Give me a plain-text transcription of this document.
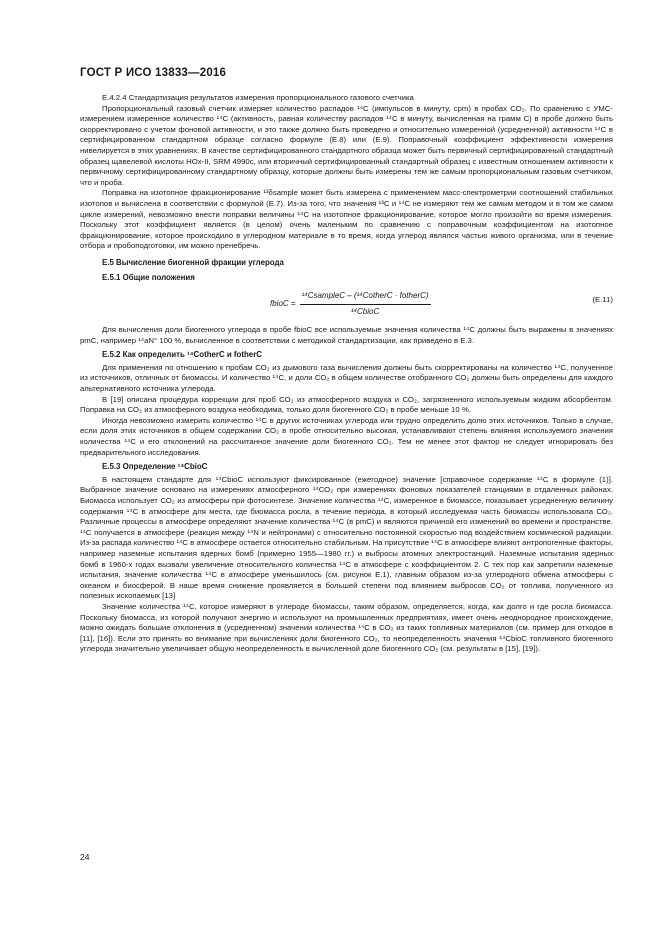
ГОСТ Р ИСО 13833—2016

Е.4.2.4 Стандартизация результатов измерения пропорционального газового счетчика

Пропорциональный газовый счетчик измеряет количество распадов ¹⁴С (импульсов в минуту, cpm) в пробах СО₂. По сравнению с УМС-измерением измеренное количество ¹⁴С (активность, равная количеству распадов ¹⁴С в минуту, вычисленная на грамм С) в пробе должно быть скорректировано с учетом фоновой активности, и это также должно быть проведено и относительно измеренной (усредненной) активности ¹⁴С в сертифицированном стандартном образце согласно формуле (Е.8) или (Е.9). Поправочный коэффициент эффективности измерения нивелируется в этих уравнениях. В качестве сертифицированного стандартного образца может быть первичный сертифицированный стандартный образец щавелевой кислоты HOx-II, SRM 4990c, или вторичный сертифицированный стандартный образец с известным отношением активности к первичному сертифицированному стандартному образцу, которые должны быть измерены тем же самым пропорциональным газовым счетчиком, что и проба.

Поправка на изотопное фракционирование ¹³δsample может быть измерена с применением масс-спектрометрии соотношений стабильных изотопов и вычислена в соответствии с формулой (Е.7). Из-за того, что значения ¹³С и ¹⁴С не измеряют тем же самым методом и в том же самом цикле измерений, невозможно внести поправки величины ¹⁴С на изотопное фракционирование, которое могло произойти во время измерения. Поскольку этот коэффициент является (в целом) очень маленьким по сравнению с поправочным коэффициентом на изотопное фракционирование, которое происходило в углеродном материале в то время, когда углерод являлся частью живого организма, или в течение отбора и пробоподготовки, им можно пренебречь.

Е.5 Вычисление биогенной фракции углерода
Е.5.1 Общие положения
fbioC = $\frac{\text{¹⁴CsampleC – (¹⁴CotherC · fotherC)}}{\text{¹⁴CbioC}}$	(Е.11)

Для вычисления доли биогенного углерода в пробе fbioC все используемые значения количества ¹⁴С должны быть выражены в значениях pmC, например ¹⁴aN° 100 %, вычисленное в соответствии с методикой стандартизации, как приведено в Е.3.

Е.5.2 Как определить ¹⁴CotherC и fotherC

Для применения по отношению к пробам СО₂ из дымового газа вычисления должны быть скорректированы на количество ¹⁴С, полученное из источников, отличных от биомассы. И количество ¹⁴С, и доли СО₂ в общем количестве отобранного СО₂ должны быть определены для каждого альтернативного источника углерода.

В [19] описана процедура коррекции для проб СО₂ из атмосферного воздуха и СО₂, загрязненного используемым жидким абсорбентом. Поправка на СО₂ из атмосферного воздуха необходима, только доля биогенного СО₂ в пробе меньше 10 %.

Иногда невозможно измерить количество ¹⁴С в других источниках углерода или трудно определить долю этих источников. Только в случае, если доля этих источников в общем содержании СО₂ в пробе относительно высокая, устанавливают степень влияния используемого значения количества ¹⁴С и его отклонений на рассчитанное значение доли биогенного СО₂. Тем не менее этот фактор не следует игнорировать без предварительного исследования.

Е.5.3 Определение ¹⁴CbioC

В настоящем стандарте для ¹⁴CbioC используют фиксированное (ежегодное) значение [справочное содержание ¹⁴С в формуле (1)]. Выбранное значение основано на измерениях атмосферного ¹⁴СО₂ при измерениях фоновых показателей станциями в отдаленных районах. Биомасса использует СО₂ из атмосферы при фотосинтезе. Значение количества ¹⁴С, измеренное в биомассе, показывает усредненную величину содержания ¹⁴С в атмосфере для места, где биомасса росла, в течение периода, в который исследуемая часть биомассы использовала СО₂. Различные процессы в атмосфере определяют значение количества ¹⁴С (в pmC) и являются причиной его изменений во времени и пространстве. ¹⁴С получается в атмосфере (реакция между ¹⁴N и нейтронами) с относительно постоянной скоростью под воздействием космической радиации. Из-за распада количество ¹⁴С в атмосфере остается относительно стабильным. На присутствие ¹⁴С в атмосфере влияют антропогенные факторы, например наземные испытания ядерных бомб (примерно 1955—1980 гг.) и выбросы атомных электростанций. Наземные испытания ядерных бомб в 1960-х годах вызвали увеличение относительного количества ¹⁴С в атмосфере с коэффициентом 2. С тех пор как запретили наземные испытания, значение количества ¹⁴С в атмосфере уменьшилось (см. рисунок Е.1), главным образом из-за углеродного обмена атмосферы с океаном и биосферой. В наше время снижение проявляется в большей степени под влиянием выбросов СО₂ от топлива, полученного из полезных ископаемых [13]

Значение количества ¹⁴С, которое измеряют в углероде биомассы, таким образом, определяется, когда, как долго и где росла биомасса. Поскольку биомасса, из которой получают энергию и используют на промышленных предприятиях, имеет очень неоднородное происхождение, можно ожидать большие отклонения в (усредненном) значении количества ¹⁴С в СО₂ из таких топливных материалов (см. пример для отходов в [11], [16]). Если это принять во внимание при вычислениях доли биогенного СО₂, то неопределенность значения ¹⁴CbioC топливного биогенного углерода значительно увеличивает общую неопределенность в вычисленной доле биогенного СО₂ (см. результаты в [15], [19]).

24
